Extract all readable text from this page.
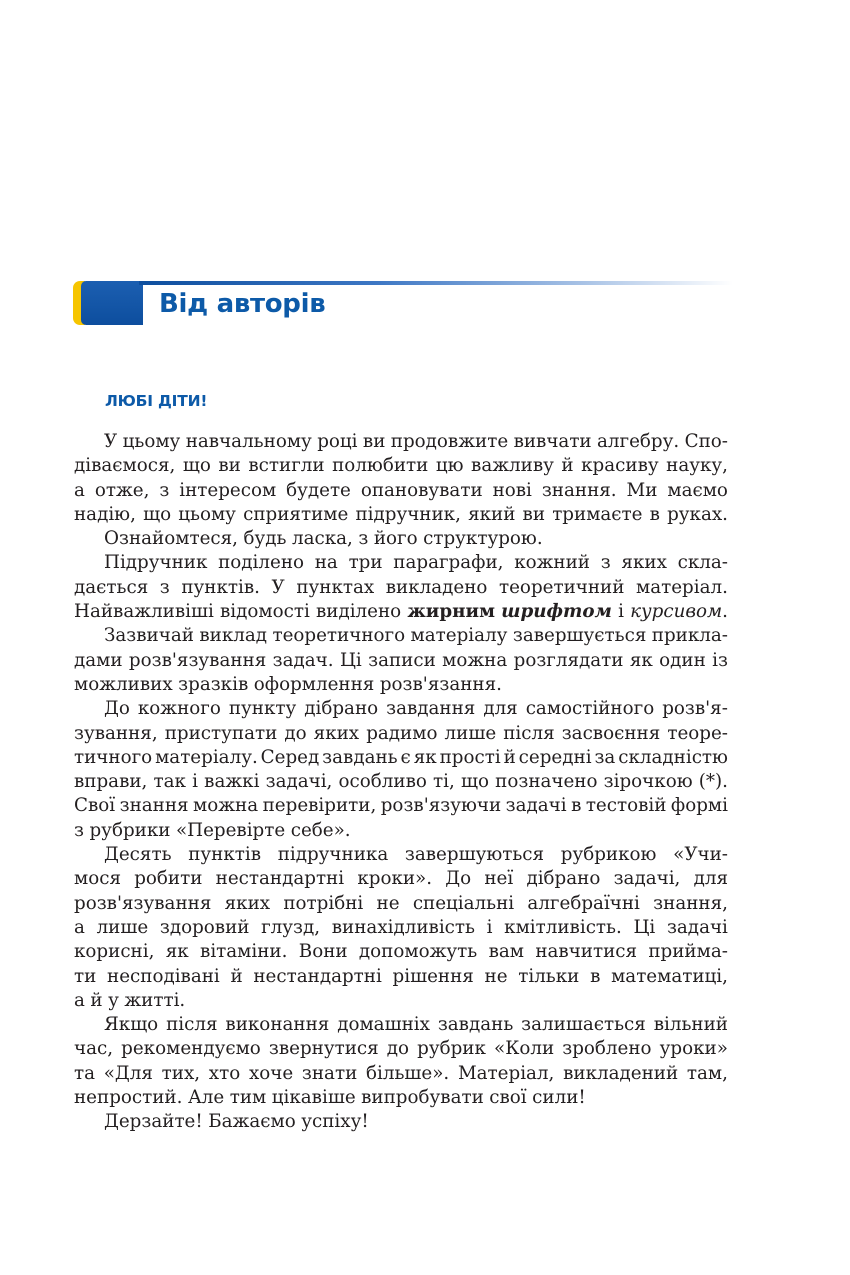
Від авторів
ЛЮБІ ДІТИ!
У цьому навчальному році ви продовжите вивчати алгебру. Спо-
діваємося, що ви встигли полюбити цю важливу й красиву науку,
а отже, з інтересом будете опановувати нові знання. Ми маємо
надію, що цьому сприятиме підручник, який ви тримаєте в руках.
Ознайомтеся, будь ласка, з його структурою.
Підручник поділено на три параграфи, кожний з яких скла-
дається з пунктів. У пунктах викладено теоретичний матеріал.
Найважливіші відомості виділено жирним шрифтом і курсивом.
Зазвичай виклад теоретичного матеріалу завершується прикла-
дами розв'язування задач. Ці записи можна розглядати як один із
можливих зразків оформлення розв'язання.
До кожного пункту дібрано завдання для самостійного розв'я-
зування, приступати до яких радимо лише після засвоєння теоре-
тичного матеріалу. Серед завдань є як прості й середні за складністю
вправи, так і важкі задачі, особливо ті, що позначено зірочкою (*).
Свої знання можна перевірити, розв'язуючи задачі в тестовій формі
з рубрики «Перевірте себе».
Десять пунктів підручника завершуються рубрикою «Учи-
мося робити нестандартні кроки». До неї дібрано задачі, для
розв'язування яких потрібні не спеціальні алгебраїчні знання,
а лише здоровий глузд, винахідливість і кмітливість. Ці задачі
корисні, як вітаміни. Вони допоможуть вам навчитися прийма-
ти несподівані й нестандартні рішення не тільки в математиці,
а й у житті.
Якщо після виконання домашніх завдань залишається вільний
час, рекомендуємо звернутися до рубрик «Коли зроблено уроки»
та «Для тих, хто хоче знати більше». Матеріал, викладений там,
непростий. Але тим цікавіше випробувати свої сили!
Дерзайте! Бажаємо успіху!
